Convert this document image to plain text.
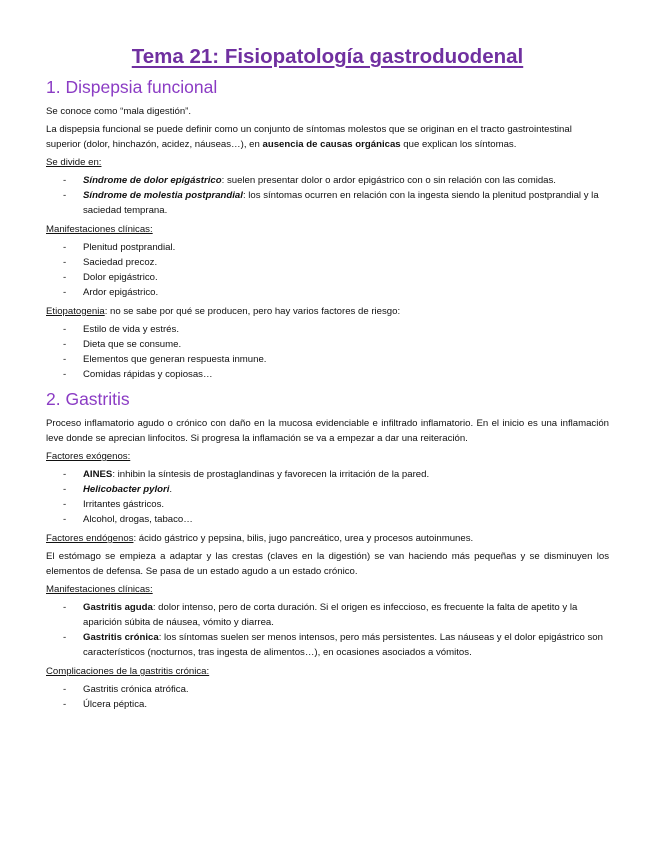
Tema 21: Fisiopatología gastroduodenal
1. Dispepsia funcional

Se conoce como “mala digestión”.

La dispepsia funcional se puede definir como un conjunto de síntomas molestos que se originan en el tracto gastrointestinal superior (dolor, hinchazón, acidez, náuseas…), en ausencia de causas orgánicas que explican los síntomas.

Se divide en:

- Síndrome de dolor epigástrico: suelen presentar dolor o ardor epigástrico con o sin relación con las comidas.
- Síndrome de molestia postprandial: los síntomas ocurren en relación con la ingesta siendo la plenitud postprandial y la saciedad temprana.

Manifestaciones clínicas:

- Plenitud postprandial.
- Saciedad precoz.
- Dolor epigástrico.
- Ardor epigástrico.

Etiopatogenia: no se sabe por qué se producen, pero hay varios factores de riesgo:

- Estilo de vida y estrés.
- Dieta que se consume.
- Elementos que generan respuesta inmune.
- Comidas rápidas y copiosas…
2. Gastritis

Proceso inflamatorio agudo o crónico con daño en la mucosa evidenciable e infiltrado inflamatorio. En el inicio es una inflamación leve donde se aprecian linfocitos. Si progresa la inflamación se va a empezar a dar una reiteración.

Factores exógenos:

- AINES: inhibin la síntesis de prostaglandinas y favorecen la irritación de la pared.
- Helicobacter pylori.
- Irritantes gástricos.
- Alcohol, drogas, tabaco…

Factores endógenos: ácido gástrico y pepsina, bilis, jugo pancreático, urea y procesos autoinmunes.

El estómago se empieza a adaptar y las crestas (claves en la digestión) se van haciendo más pequeñas y se disminuyen los elementos de defensa. Se pasa de un estado agudo a un estado crónico.

Manifestaciones clínicas:

- Gastritis aguda: dolor intenso, pero de corta duración. Si el origen es infeccioso, es frecuente la falta de apetito y la aparición súbita de náusea, vómito y diarrea.
- Gastritis crónica: los síntomas suelen ser menos intensos, pero más persistentes. Las náuseas y el dolor epigástrico son característicos (nocturnos, tras ingesta de alimentos…), en ocasiones asociados a vómitos.

Complicaciones de la gastritis crónica:

- Gastritis crónica atrófica.
- Úlcera péptica.
